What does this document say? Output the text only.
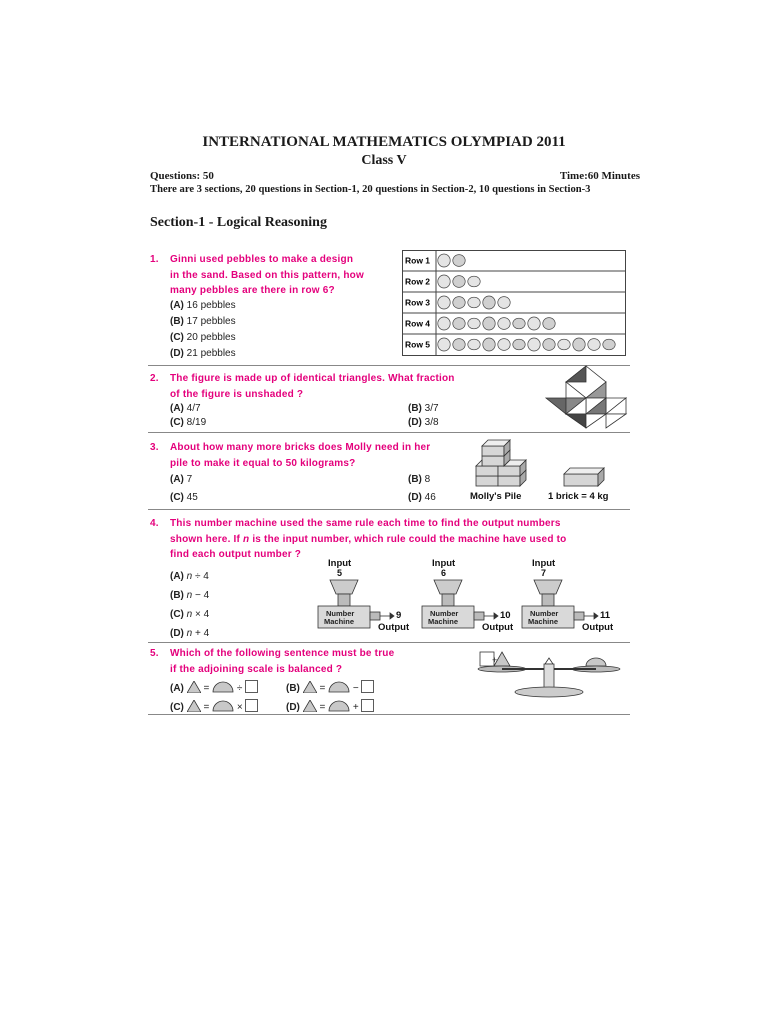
INTERNATIONAL MATHEMATICS OLYMPIAD 2011
Class V
Questions: 50	Time:60 Minutes
There are 3 sections, 20 questions in Section-1, 20 questions in Section-2, 10 questions in Section-3
Section-1 - Logical Reasoning
1. Ginni used pebbles to make a design
in the sand. Based on this pattern, how
many pebbles are there in row 6?
(A) 16 pebbles
(B) 17 pebbles
(C) 20 pebbles
(D) 21 pebbles
Row 1
Row 2
Row 3
Row 4
Row 5
2. The figure is made up of identical triangles. What fraction
of the figure is unshaded ?
(A) 4/7	(B) 3/7
(C) 8/19	(D) 3/8
3. About how many more bricks does Molly need in her
pile to make it equal to 50 kilograms?
(A) 7	(B) 8
(C) 45	(D) 46	Molly's Pile	1 brick = 4 kg
4. This number machine used the same rule each time to find the output numbers
shown here. If n is the input number, which rule could the machine have used to
find each output number ?
(A) n ÷ 4
(B) n − 4
(C) n × 4
(D) n + 4
Input
5
Number
Machine
9
Output
Input
6
Number
Machine
10
Output
Input
7
Number
Machine
11
Output
5. Which of the following sentence must be true
if the adjoining scale is balanced ?
(A) =	÷	(B) =	−
(C) =	×	(D) =	+
+
